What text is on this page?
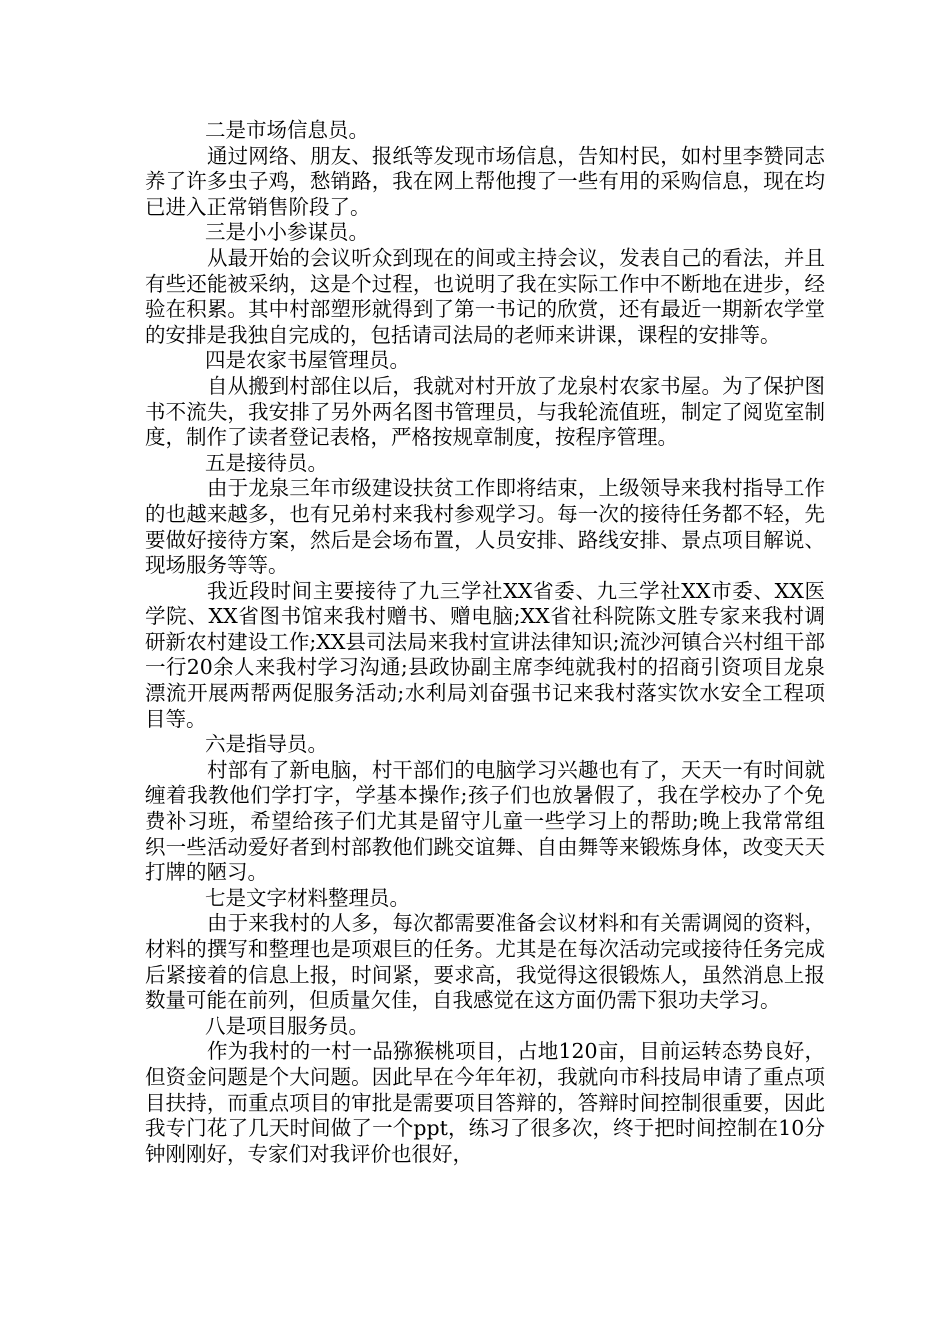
二是市场信息员。

通过网络、朋友、报纸等发现市场信息，告知村民，如村里李赞同志养了许多虫子鸡，愁销路，我在网上帮他搜了一些有用的采购信息，现在均已进入正常销售阶段了。

三是小小参谋员。

从最开始的会议听众到现在的间或主持会议，发表自己的看法，并且有些还能被采纳，这是个过程，也说明了我在实际工作中不断地在进步，经验在积累。其中村部塑形就得到了第一书记的欣赏，还有最近一期新农学堂的安排是我独自完成的，包括请司法局的老师来讲课，课程的安排等。

四是农家书屋管理员。

自从搬到村部住以后，我就对村开放了龙泉村农家书屋。为了保护图书不流失，我安排了另外两名图书管理员，与我轮流值班，制定了阅览室制度，制作了读者登记表格，严格按规章制度，按程序管理。

五是接待员。

由于龙泉三年市级建设扶贫工作即将结束，上级领导来我村指导工作的也越来越多，也有兄弟村来我村参观学习。每一次的接待任务都不轻，先要做好接待方案，然后是会场布置，人员安排、路线安排、景点项目解说、现场服务等等。

我近段时间主要接待了九三学社XX省委、九三学社XX市委、XX医学院、XX省图书馆来我村赠书、赠电脑;XX省社科院陈文胜专家来我村调研新农村建设工作;XX县司法局来我村宣讲法律知识;流沙河镇合兴村组干部一行20余人来我村学习沟通;县政协副主席李纯就我村的招商引资项目龙泉漂流开展两帮两促服务活动;水利局刘奋强书记来我村落实饮水安全工程项目等。

六是指导员。

村部有了新电脑，村干部们的电脑学习兴趣也有了，天天一有时间就缠着我教他们学打字，学基本操作;孩子们也放暑假了，我在学校办了个免费补习班，希望给孩子们尤其是留守儿童一些学习上的帮助;晚上我常常组织一些活动爱好者到村部教他们跳交谊舞、自由舞等来锻炼身体，改变天天打牌的陋习。

七是文字材料整理员。

由于来我村的人多，每次都需要准备会议材料和有关需调阅的资料，材料的撰写和整理也是项艰巨的任务。尤其是在每次活动完或接待任务完成后紧接着的信息上报，时间紧，要求高，我觉得这很锻炼人，虽然消息上报数量可能在前列，但质量欠佳，自我感觉在这方面仍需下狠功夫学习。

八是项目服务员。

作为我村的一村一品猕猴桃项目，占地120亩，目前运转态势良好，但资金问题是个大问题。因此早在今年年初，我就向市科技局申请了重点项目扶持，而重点项目的审批是需要项目答辩的，答辩时间控制很重要，因此我专门花了几天时间做了一个ppt，练习了很多次，终于把时间控制在10分钟刚刚好，专家们对我评价也很好，
